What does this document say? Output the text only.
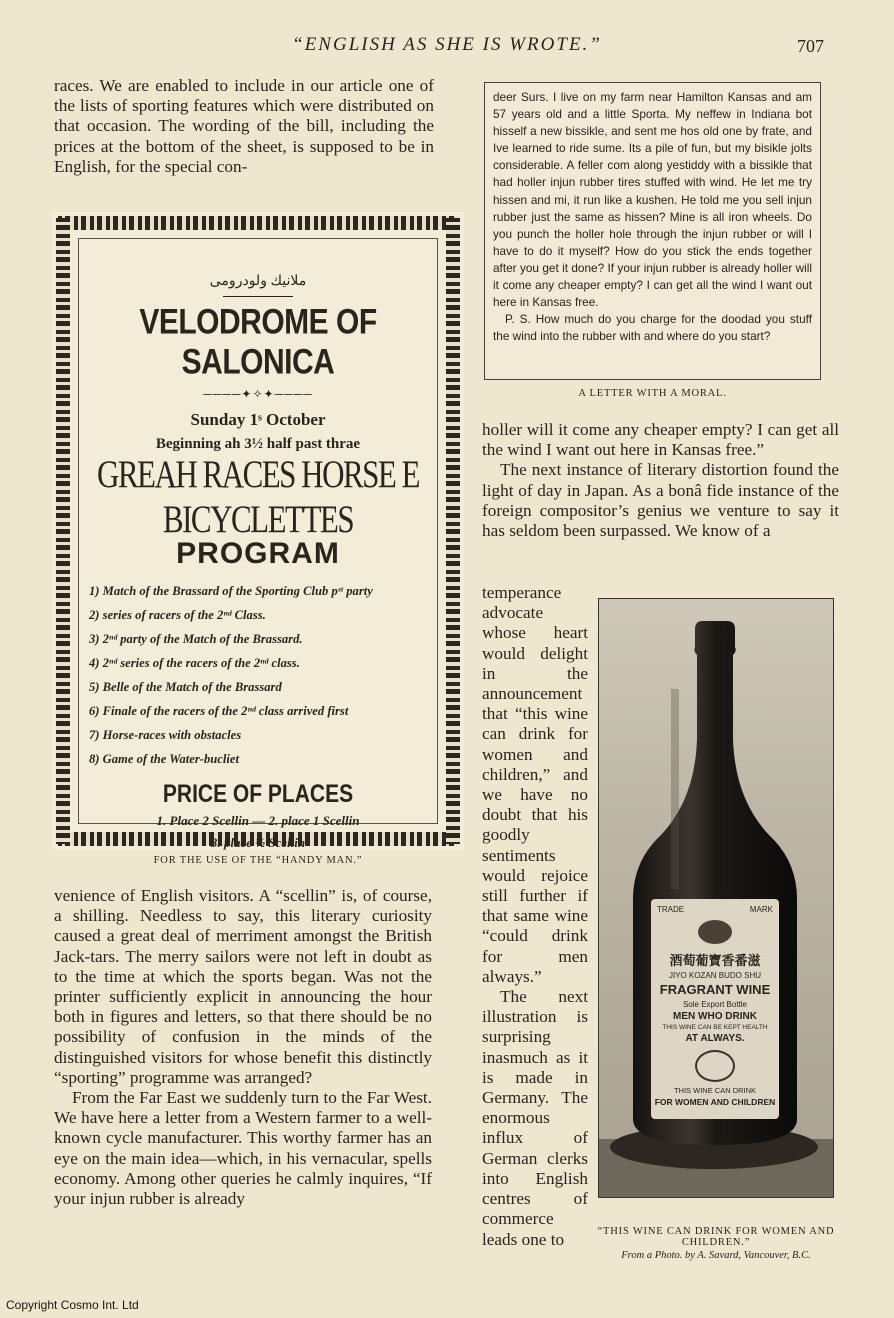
“ENGLISH AS SHE IS WROTE.”	707

races. We are enabled to include in our article one of the lists of sporting features which were distributed on that occasion. The wording of the bill, including the prices at the bottom of the sheet, is supposed to be in English, for the special con-

ملانيك ولودرومى
VELODROME OF SALONICA
────✦✧✦────
Sunday 1ˢ October
Beginning ah 3½ half past thrae
GREAH RACES HORSE E BICYCLETTES
PROGRAM
1) Match of the Brassard of the Sporting Club pˢᵗ party
2) series of racers of the 2ⁿᵈ Class.
3) 2ⁿᵈ party of the Match of the Brassard.
4) 2ⁿᵈ series of the racers of the 2ⁿᵈ class.
5) Belle of the Match of the Brassard
6) Finale of the racers of the 2ⁿᵈ class arrived first
7) Horse-races with obstacles
8) Game of the Water-bucliet
PRICE OF PLACES
1. Place 2 Scellin — 2. place 1 Scellin
3. place ½ Scellin
FOR THE USE OF THE “HANDY MAN.”

venience of English visitors. A “scellin” is, of course, a shilling. Needless to say, this literary curiosity caused a great deal of merriment amongst the British Jack-tars. The merry sailors were not left in doubt as to the time at which the sports began. Was not the printer sufficiently explicit in announcing the hour both in figures and letters, so that there should be no possibility of confusion in the minds of the distinguished visitors for whose benefit this distinctly “sporting” programme was arranged?

From the Far East we suddenly turn to the Far West. We have here a letter from a Western farmer to a well-known cycle manufacturer. This worthy farmer has an eye on the main idea—which, in his vernacular, spells economy. Among other queries he calmly inquires, “If your injun rubber is already

deer Surs. I live on my farm near Hamilton Kansas and am 57 years old and a little Sporta. My neffew in Indiana bot hisself a new bissikle, and sent me hos old one by frate, and Ive learned to ride sume. Its a pile of fun, but my bisikle jolts considerable. A feller com along yestiddy with a bissikle that had holler injun rubber tires stuffed with wind. He let me try hissen and mi, it run like a kushen. He told me you sell injun rubber just the same as hissen? Mine is all iron wheels. Do you punch the holler hole through the injun rubber or will I have to do it myself? How do you stick the ends together after you get it done? If your injun rubber is already holler will it come any cheaper empty? I can get all the wind I want out here in Kansas free.

P. S. How much do you charge for the doodad you stuff the wind into the rubber with and where do you start?

A LETTER WITH A MORAL.

holler will it come any cheaper empty? I can get all the wind I want out here in Kansas free.”

The next instance of literary distortion found the light of day in Japan. As a bonâ fide instance of the foreign compositor’s genius we venture to say it has seldom been surpassed. We know of a

temperance advocate whose heart would delight in the announcement that “this wine can drink for women and children,” and we have no doubt that his goodly sentiments would rejoice still further if that same wine “could drink for men always.”

The next illustration is surprising inasmuch as it is made in Germany. The enormous influx of German clerks into English centres of commerce leads one to

TRADE	MARK
酒萄葡寶香番滋
JIYO KOZAN BUDO SHU
FRAGRANT WINE
Sole Export Bottle
MEN WHO DRINK
THIS WINE CAN BE KEPT HEALTH
AT ALWAYS.
THIS WINE CAN DRINK
FOR WOMEN AND CHILDREN
“THIS WINE CAN DRINK FOR WOMEN AND CHILDREN.”
From a Photo. by A. Savard, Vancouver, B.C.
Copyright Cosmo Int. Ltd
